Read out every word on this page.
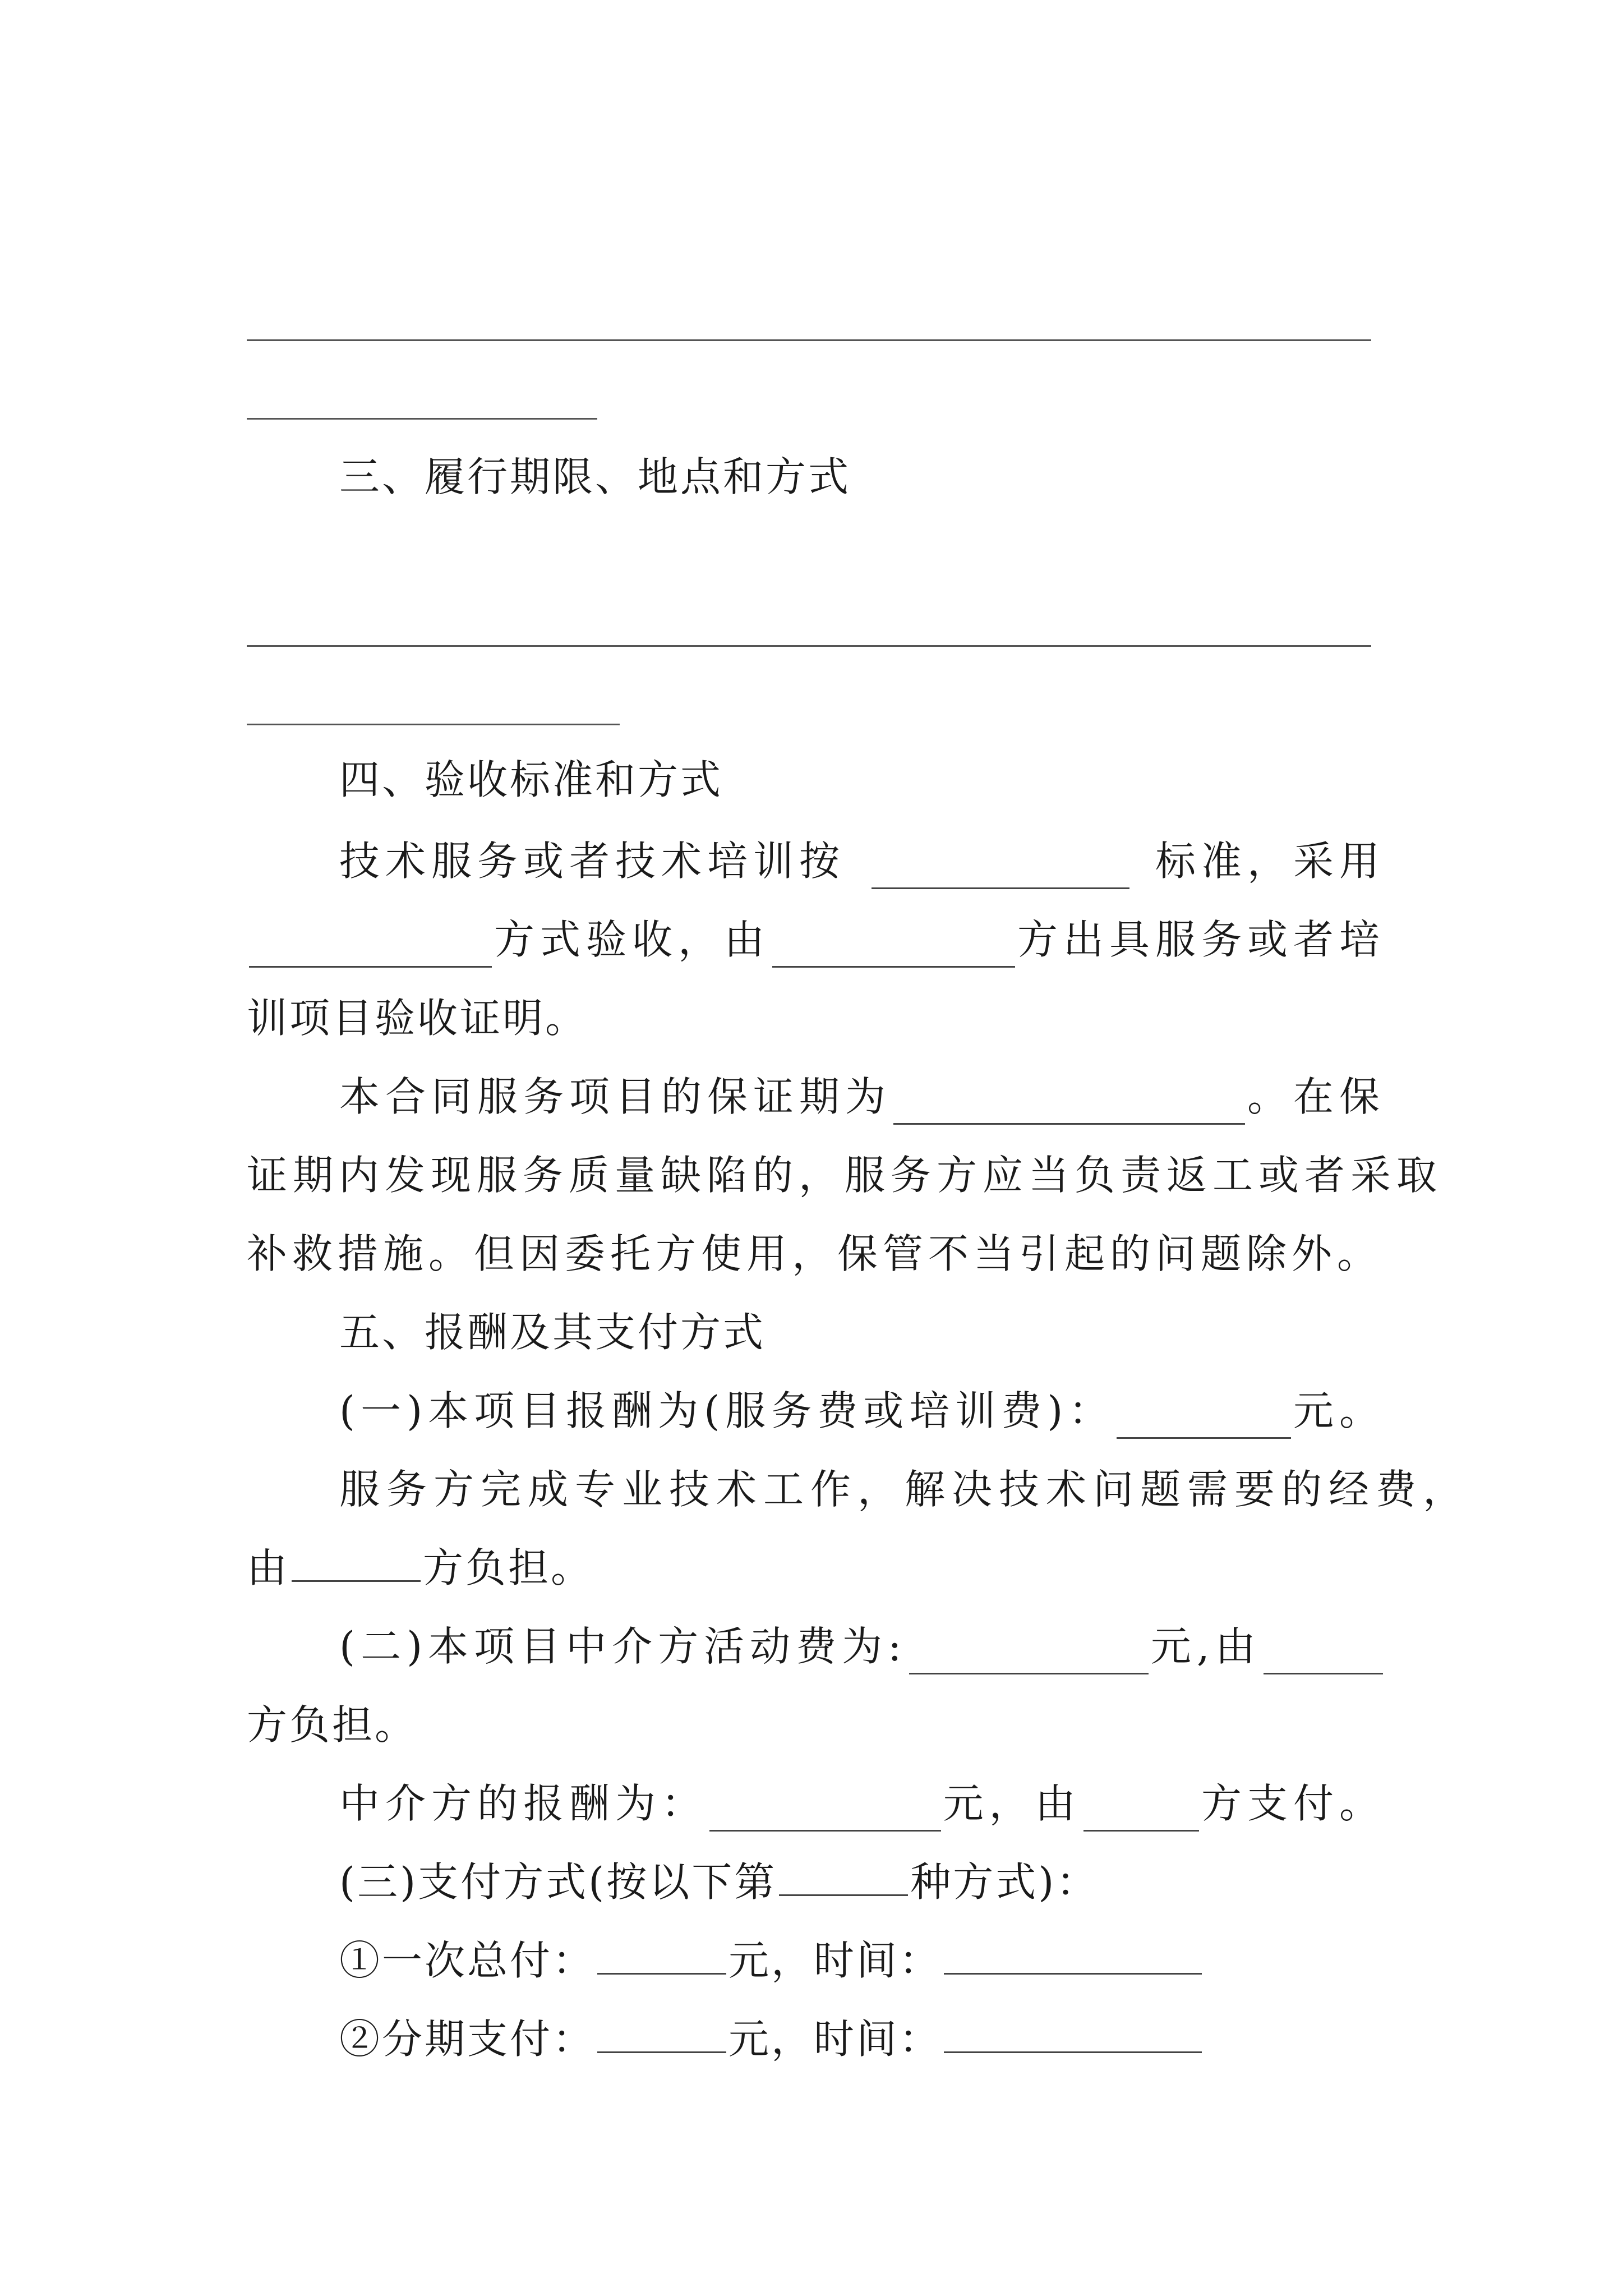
三、履行期限、地点和方式
四、验收标准和方式
技术服务或者技术培训按	标准，采用
方式验收，由	方出具服务或者培
训项目验收证明。
本合同服务项目的保证期为	。在保
证期内发现服务质量缺陷的，服务方应当负责返工或者采取
补救措施。但因委托方使用，保管不当引起的问题除外。
五、报酬及其支付方式
(一)本项目报酬为(服务费或培训费)：	元。
服务方完成专业技术工作，解决技术问题需要的经费，
由	方负担。
(二)本项目中介方活动费为:	元,由
方负担。
中介方的报酬为：	元，由	方支付。
(三)支付方式(按以下第	种方式)：
①一次总付：	元，时间：
②分期支付：	元，时间：
